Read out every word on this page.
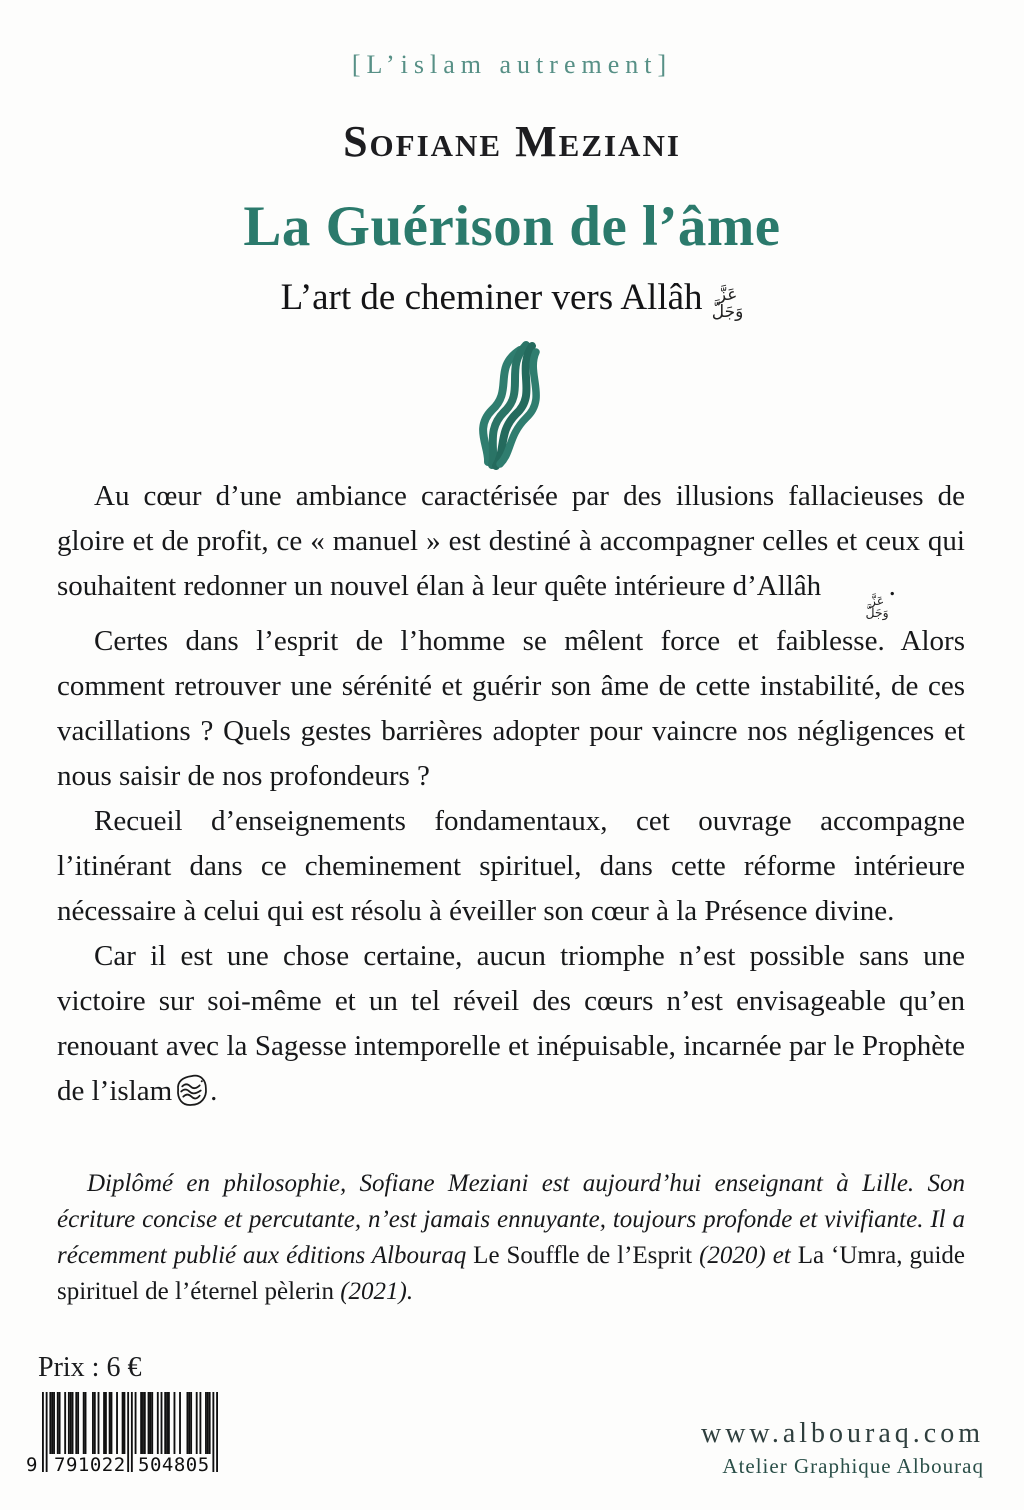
[L’islam autrement]
Sofiane Meziani
La Guérison de l’âme
L’art de cheminer vers Allâh عَزَّ
وَجَلَّ

Au cœur d’une ambiance caractérisée par des illusions fallacieuses de gloire et de profit, ce « manuel » est destiné à accompagner celles et ceux qui souhaitent redonner un nouvel élan à leur quête intérieure d’Allâh	عَزَّ
وَجَلَّ
.

Certes dans l’esprit de l’homme se mêlent force et faiblesse. Alors comment retrouver une sérénité et guérir son âme de cette instabilité, de ces vacillations ? Quels gestes barrières adopter pour vaincre nos négligences et nous saisir de nos profondeurs ?

Recueil d’enseignements fondamentaux, cet ouvrage accompagne l’itinérant dans ce cheminement spirituel, dans cette réforme intérieure nécessaire à celui qui est résolu à éveiller son cœur à la Présence divine.

Car il est une chose certaine, aucun triomphe n’est possible sans une victoire sur soi-même et un tel réveil des cœurs n’est envisageable qu’en renouant avec la Sagesse intemporelle et inépuisable, incarnée par le Prophète de l’islam .

Diplômé en philosophie, Sofiane Meziani est aujourd’hui enseignant à Lille. Son écriture concise et percutante, n’est jamais ennuyante, toujours profonde et vivifiante. Il a récemment publié aux éditions Albouraq Le Souffle de l’Esprit (2020) et La ‘Umra, guide spirituel de l’éternel pèlerin (2021).
Prix : 6 €
9 791022 504805
www.albouraq.com
Atelier Graphique Albouraq
